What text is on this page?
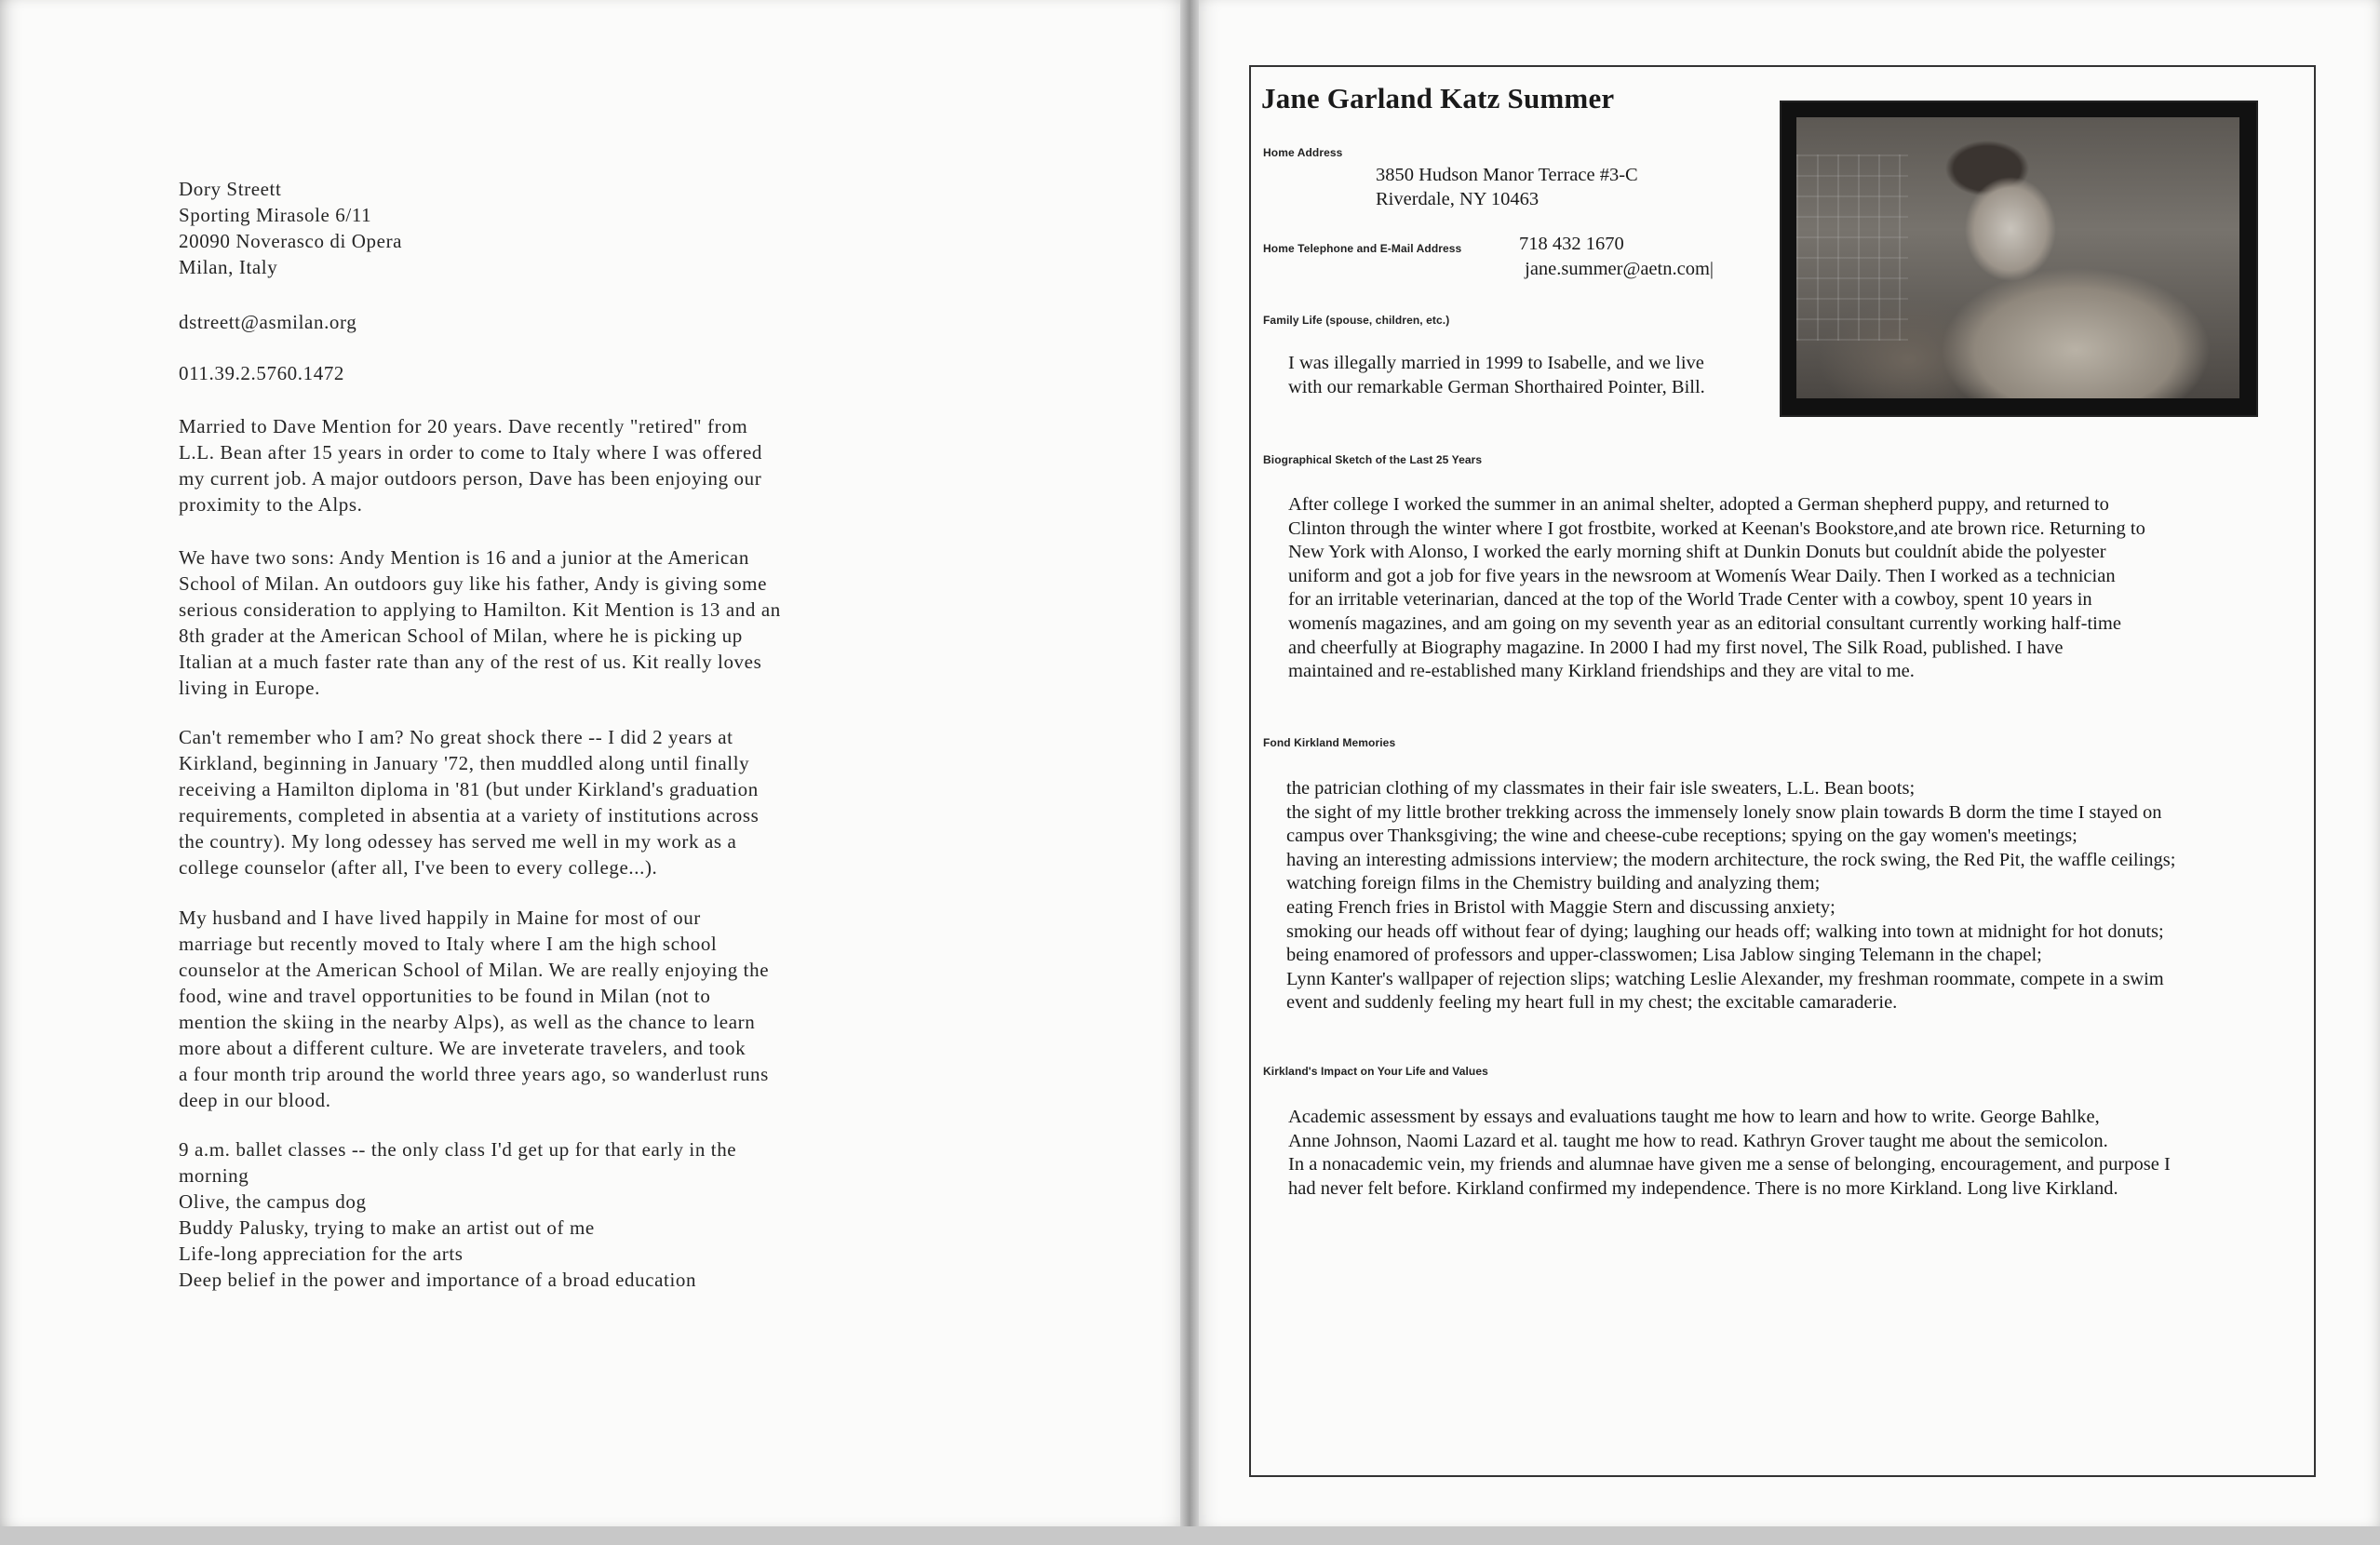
Dory Streett
Sporting Mirasole 6/11
20090 Noverasco di Opera
Milan, Italy
dstreett@asmilan.org
011.39.2.5760.1472
Married to Dave Mention for 20 years. Dave recently "retired" from
L.L. Bean after 15 years in order to come to Italy where I was offered
my current job. A major outdoors person, Dave has been enjoying our
proximity to the Alps.
We have two sons: Andy Mention is 16 and a junior at the American
School of Milan. An outdoors guy like his father, Andy is giving some
serious consideration to applying to Hamilton. Kit Mention is 13 and an
8th grader at the American School of Milan, where he is picking up
Italian at a much faster rate than any of the rest of us. Kit really loves
living in Europe.
Can't remember who I am? No great shock there -- I did 2 years at
Kirkland, beginning in January '72, then muddled along until finally
receiving a Hamilton diploma in '81 (but under Kirkland's graduation
requirements, completed in absentia at a variety of institutions across
the country). My long odessey has served me well in my work as a
college counselor (after all, I've been to every college...).
My husband and I have lived happily in Maine for most of our
marriage but recently moved to Italy where I am the high school
counselor at the American School of Milan. We are really enjoying the
food, wine and travel opportunities to be found in Milan (not to
mention the skiing in the nearby Alps), as well as the chance to learn
more about a different culture. We are inveterate travelers, and took
a four month trip around the world three years ago, so wanderlust runs
deep in our blood.
9 a.m. ballet classes -- the only class I'd get up for that early in the
morning
Olive, the campus dog
Buddy Palusky, trying to make an artist out of me
Life-long appreciation for the arts
Deep belief in the power and importance of a broad education
Jane Garland Katz Summer
Home Address
3850 Hudson Manor Terrace #3-C
Riverdale, NY 10463
Home Telephone and E-Mail Address	718 432 1670
jane.summer@aetn.com|
Family Life (spouse, children, etc.)
I was illegally married in 1999 to Isabelle, and we live
with our remarkable German Shorthaired Pointer, Bill.
Biographical Sketch of the Last 25 Years
After college I worked the summer in an animal shelter, adopted a German shepherd puppy, and returned to
Clinton through the winter where I got frostbite, worked at Keenan's Bookstore,and ate brown rice. Returning to
New York with Alonso, I worked the early morning shift at Dunkin Donuts but couldnít abide the polyester
uniform and got a job for five years in the newsroom at Womenís Wear Daily. Then I worked as a technician
for an irritable veterinarian, danced at the top of the World Trade Center with a cowboy, spent 10 years in
womenís magazines, and am going on my seventh year as an editorial consultant currently working half-time
and cheerfully at Biography magazine. In 2000 I had my first novel, The Silk Road, published. I have
maintained and re-established many Kirkland friendships and they are vital to me.
Fond Kirkland Memories
the patrician clothing of my classmates in their fair isle sweaters, L.L. Bean boots;
the sight of my little brother trekking across the immensely lonely snow plain towards B dorm the time I stayed on
campus over Thanksgiving; the wine and cheese-cube receptions; spying on the gay women's meetings;
having an interesting admissions interview; the modern architecture, the rock swing, the Red Pit, the waffle ceilings;
watching foreign films in the Chemistry building and analyzing them;
eating French fries in Bristol with Maggie Stern and discussing anxiety;
smoking our heads off without fear of dying; laughing our heads off; walking into town at midnight for hot donuts;
being enamored of professors and upper-classwomen; Lisa Jablow singing Telemann in the chapel;
Lynn Kanter's wallpaper of rejection slips; watching Leslie Alexander, my freshman roommate, compete in a swim
event and suddenly feeling my heart full in my chest; the excitable camaraderie.
Kirkland's Impact on Your Life and Values
Academic assessment by essays and evaluations taught me how to learn and how to write. George Bahlke,
Anne Johnson, Naomi Lazard et al. taught me how to read. Kathryn Grover taught me about the semicolon.
In a nonacademic vein, my friends and alumnae have given me a sense of belonging, encouragement, and purpose I
had never felt before. Kirkland confirmed my independence. There is no more Kirkland. Long live Kirkland.
